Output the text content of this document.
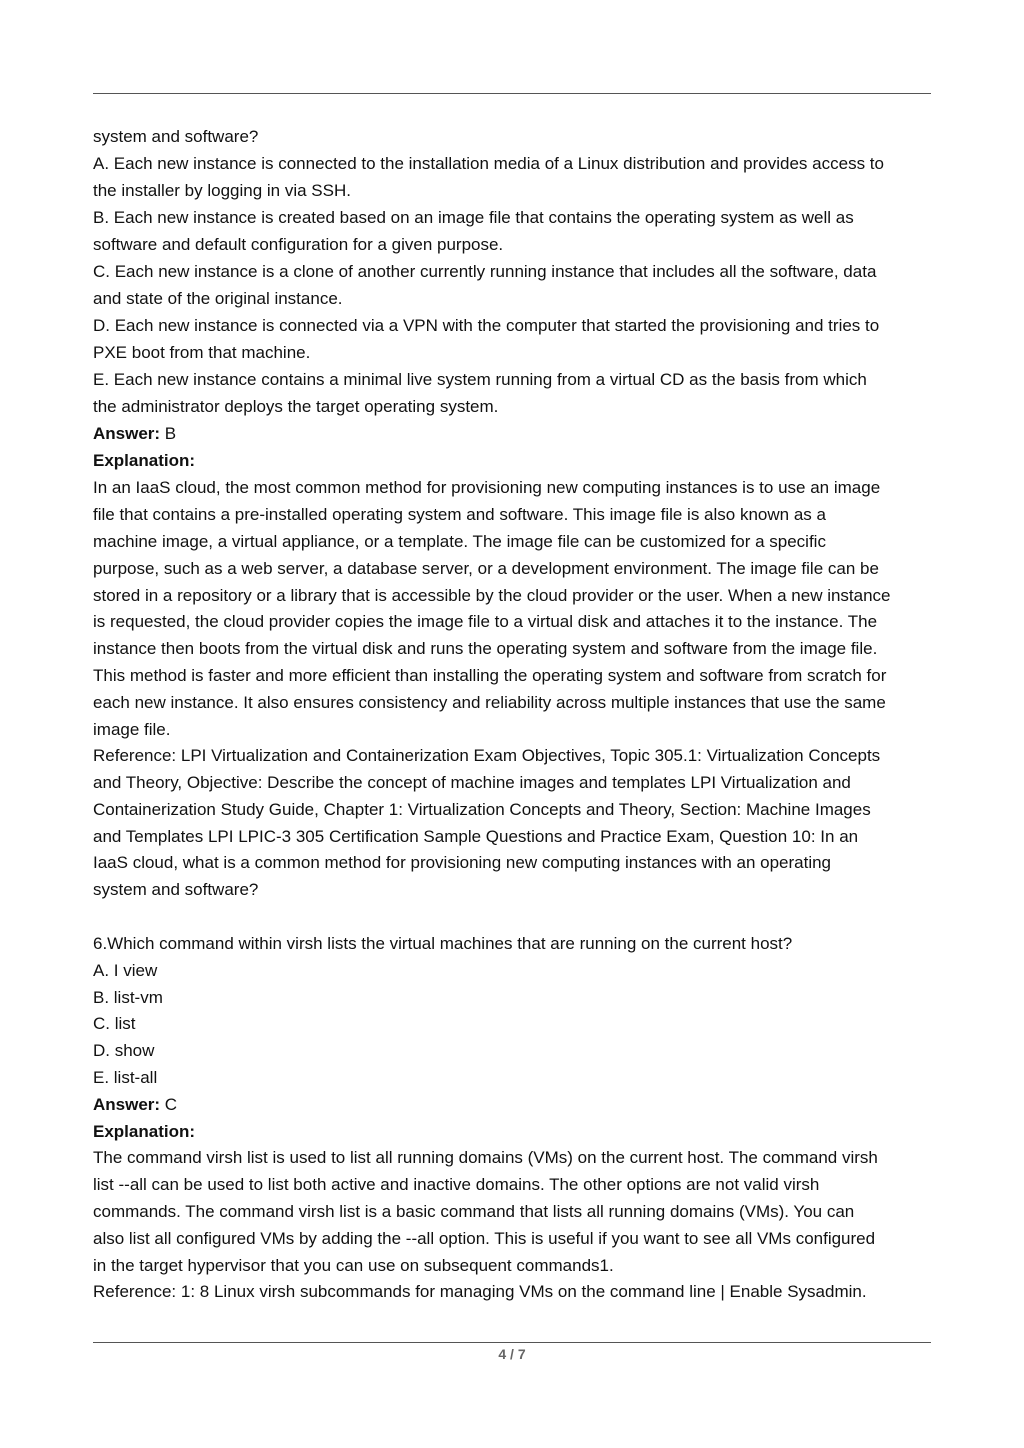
system and software?
A. Each new instance is connected to the installation media of a Linux distribution and provides access to
the installer by logging in via SSH.
B. Each new instance is created based on an image file that contains the operating system as well as
software and default configuration for a given purpose.
C. Each new instance is a clone of another currently running instance that includes all the software, data
and state of the original instance.
D. Each new instance is connected via a VPN with the computer that started the provisioning and tries to
PXE boot from that machine.
E. Each new instance contains a minimal live system running from a virtual CD as the basis from which
the administrator deploys the target operating system.
Answer: B
Explanation:
In an IaaS cloud, the most common method for provisioning new computing instances is to use an image
file that contains a pre-installed operating system and software. This image file is also known as a
machine image, a virtual appliance, or a template. The image file can be customized for a specific
purpose, such as a web server, a database server, or a development environment. The image file can be
stored in a repository or a library that is accessible by the cloud provider or the user. When a new instance
is requested, the cloud provider copies the image file to a virtual disk and attaches it to the instance. The
instance then boots from the virtual disk and runs the operating system and software from the image file.
This method is faster and more efficient than installing the operating system and software from scratch for
each new instance. It also ensures consistency and reliability across multiple instances that use the same
image file.
Reference: LPI Virtualization and Containerization Exam Objectives, Topic 305.1: Virtualization Concepts
and Theory, Objective: Describe the concept of machine images and templates LPI Virtualization and
Containerization Study Guide, Chapter 1: Virtualization Concepts and Theory, Section: Machine Images
and Templates LPI LPIC-3 305 Certification Sample Questions and Practice Exam, Question 10: In an
IaaS cloud, what is a common method for provisioning new computing instances with an operating
system and software?
6.Which command within virsh lists the virtual machines that are running on the current host?
A. I view
B. list-vm
C. list
D. show
E. list-all
Answer: C
Explanation:
The command virsh list is used to list all running domains (VMs) on the current host. The command virsh
list --all can be used to list both active and inactive domains. The other options are not valid virsh
commands. The command virsh list is a basic command that lists all running domains (VMs). You can
also list all configured VMs by adding the --all option. This is useful if you want to see all VMs configured
in the target hypervisor that you can use on subsequent commands1.
Reference: 1: 8 Linux virsh subcommands for managing VMs on the command line | Enable Sysadmin.
4 / 7
